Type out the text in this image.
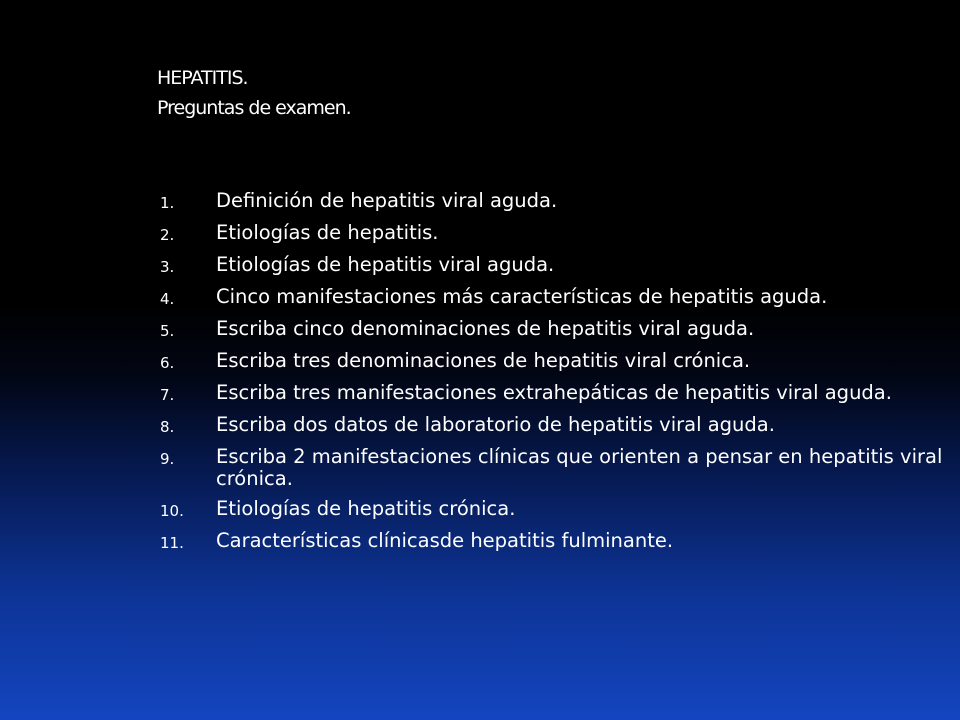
HEPATITIS.
Preguntas de examen.
1.	Definición de hepatitis viral aguda.
2.	Etiologías de hepatitis.
3.	Etiologías de hepatitis viral aguda.
4.	Cinco manifestaciones más características de hepatitis aguda.
5.	Escriba cinco denominaciones de hepatitis viral aguda.
6.	Escriba tres denominaciones de hepatitis viral crónica.
7.	Escriba tres manifestaciones extrahepáticas de hepatitis viral aguda.
8.	Escriba dos datos de laboratorio de hepatitis viral aguda.
9.	Escriba 2 manifestaciones clínicas que orienten a pensar en hepatitis viral crónica.
10.	Etiologías de hepatitis crónica.
11.	Características clínicasde hepatitis fulminante.
